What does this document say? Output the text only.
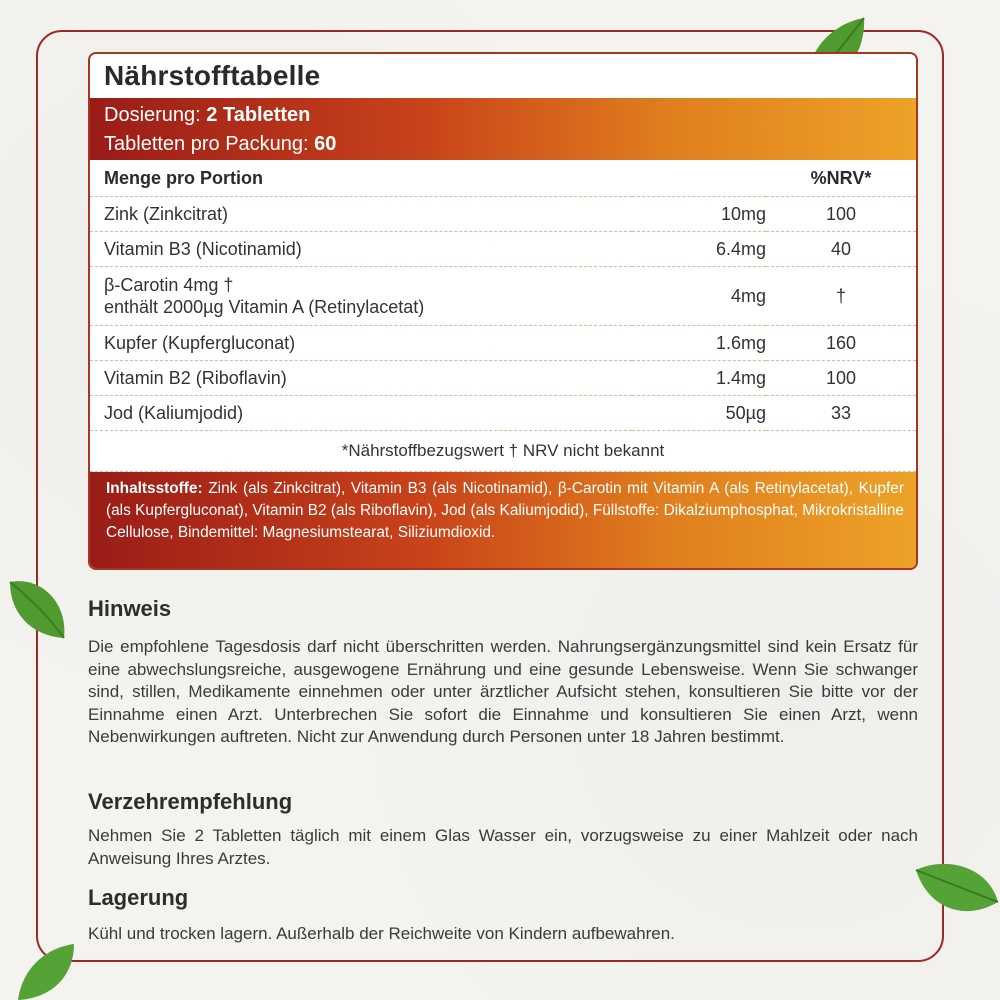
Nährstofftabelle
Dosierung: 2 Tabletten
Tabletten pro Packung: 60
Menge pro Portion		%NRV*
Zink (Zinkcitrat)	10mg	100
Vitamin B3 (Nicotinamid)	6.4mg	40

β-Carotin 4mg †
enthält 2000µg Vitamin A (Retinylacetat)	4mg	†
Kupfer (Kupfergluconat)	1.6mg	160
Vitamin B2 (Riboflavin)	1.4mg	100
Jod (Kaliumjodid)	50µg	33
*Nährstoffbezugswert † NRV nicht bekannt
Inhaltsstoffe: Zink (als Zinkcitrat), Vitamin B3 (als Nicotinamid), β-Carotin mit Vitamin A (als Retinylacetat), Kupfer (als Kupfergluconat), Vitamin B2 (als Riboflavin), Jod (als Kaliumjodid), Füllstoffe: Dikalziumphosphat, Mikrokristalline Cellulose, Bindemittel: Magnesiumstearat, Siliziumdioxid.
Hinweis
Die empfohlene Tagesdosis darf nicht überschritten werden. Nahrungsergänzungsmittel sind kein Ersatz für eine abwechslungsreiche, ausgewogene Ernährung und eine gesunde Lebensweise. Wenn Sie schwanger sind, stillen, Medikamente einnehmen oder unter ärztlicher Aufsicht stehen, konsultieren Sie bitte vor der Einnahme einen Arzt. Unterbrechen Sie sofort die Einnahme und konsultieren Sie einen Arzt, wenn Nebenwirkungen auftreten. Nicht zur Anwendung durch Personen unter 18 Jahren bestimmt.
Verzehrempfehlung
Nehmen Sie 2 Tabletten täglich mit einem Glas Wasser ein, vorzugsweise zu einer Mahlzeit oder nach Anweisung Ihres Arztes.
Lagerung
Kühl und trocken lagern. Außerhalb der Reichweite von Kindern aufbewahren.
